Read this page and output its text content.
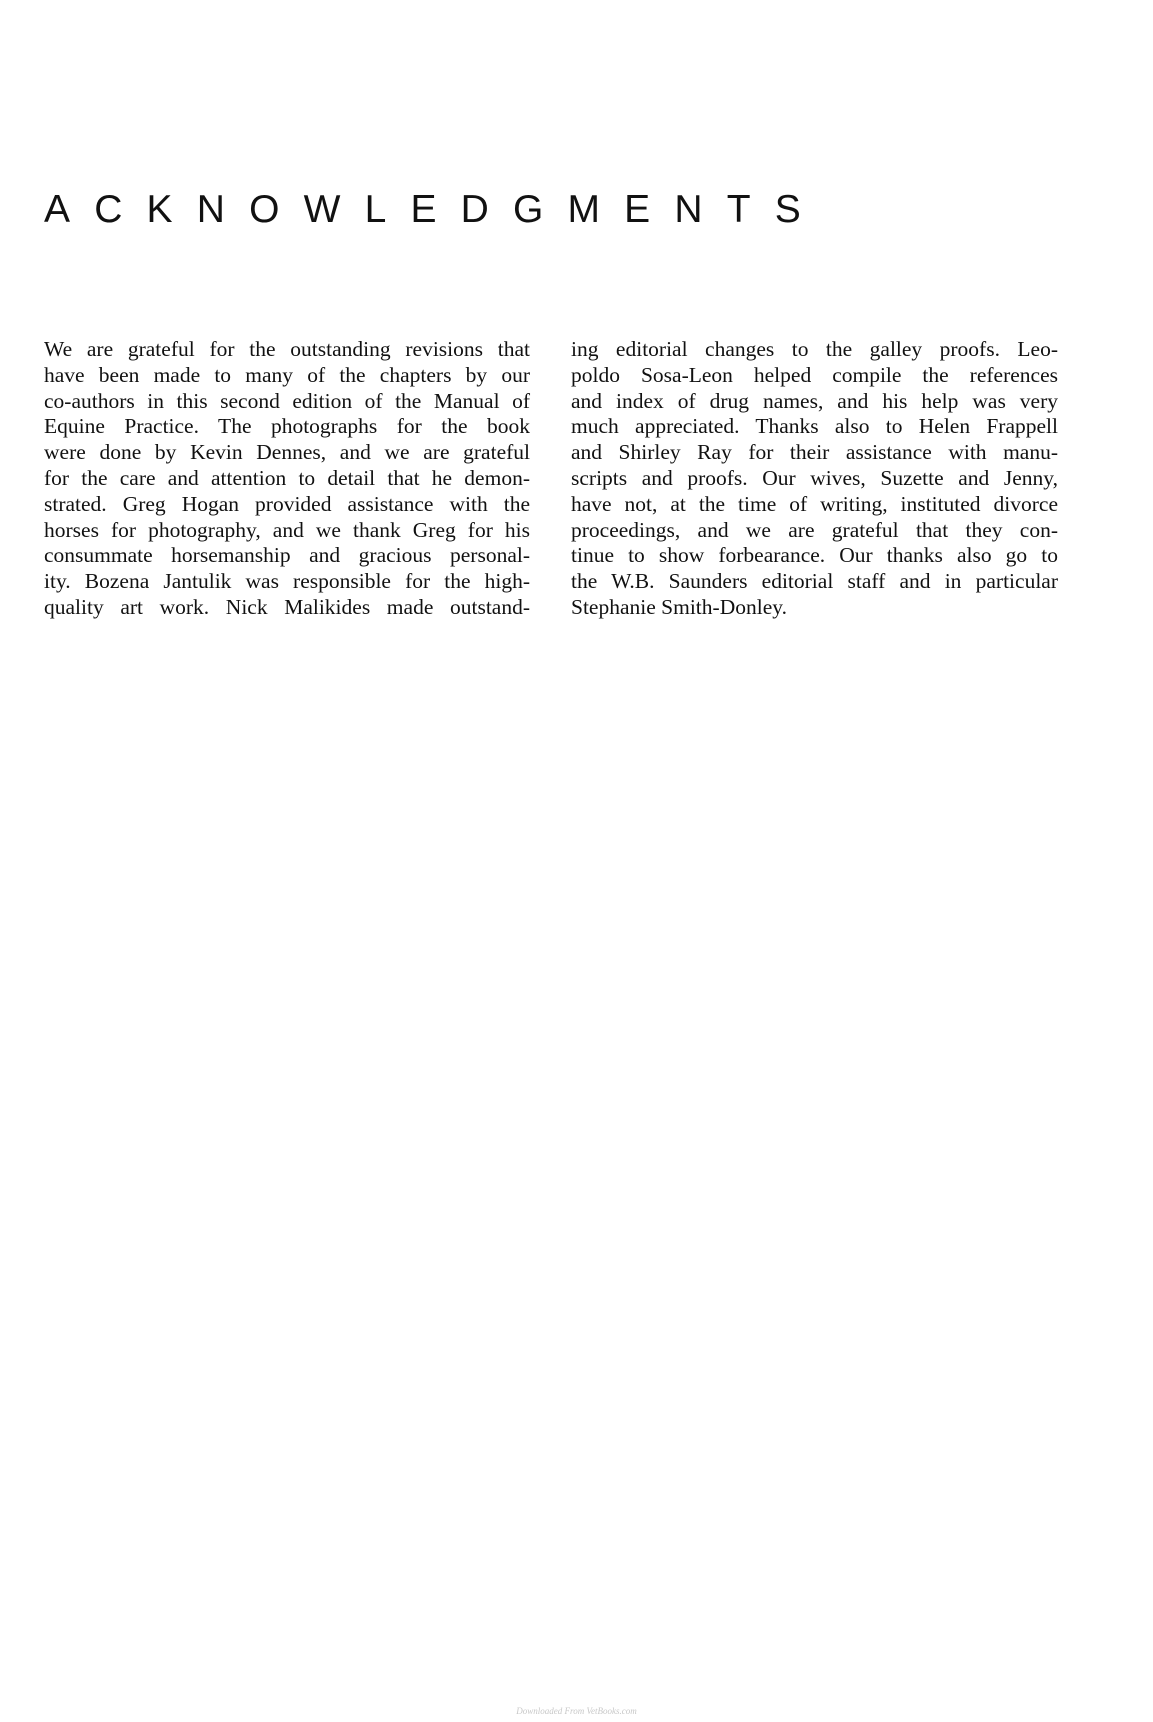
ACKNOWLEDGMENTS
We are grateful for the outstanding revisions that
have been made to many of the chapters by our
co-authors in this second edition of the Manual of
Equine Practice. The photographs for the book
were done by Kevin Dennes, and we are grateful
for the care and attention to detail that he demon-
strated. Greg Hogan provided assistance with the
horses for photography, and we thank Greg for his
consummate horsemanship and gracious personal-
ity. Bozena Jantulik was responsible for the high-
quality art work. Nick Malikides made outstand-
ing editorial changes to the galley proofs. Leo-
poldo Sosa-Leon helped compile the references
and index of drug names, and his help was very
much appreciated. Thanks also to Helen Frappell
and Shirley Ray for their assistance with manu-
scripts and proofs. Our wives, Suzette and Jenny,
have not, at the time of writing, instituted divorce
proceedings, and we are grateful that they con-
tinue to show forbearance. Our thanks also go to
the W.B. Saunders editorial staff and in particular
Stephanie Smith-Donley.
Downloaded From VetBooks.com
